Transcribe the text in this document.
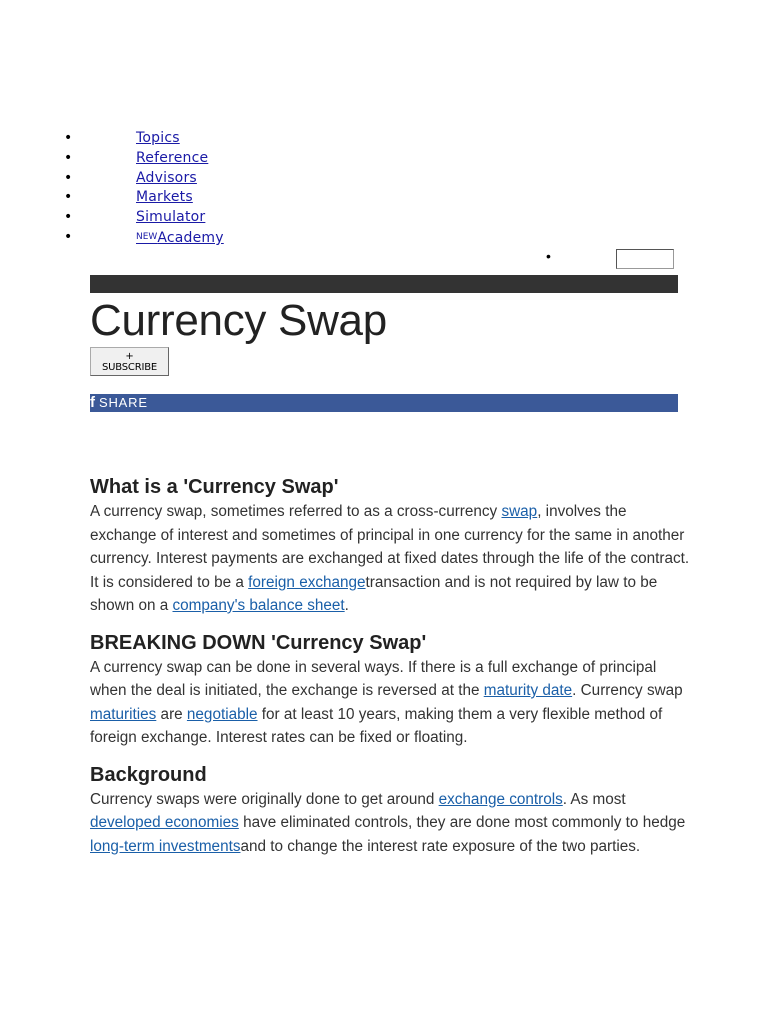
•	Topics
•	Reference
•	Advisors
•	Markets
•	Simulator
•	$^{NEW}$Academy
•
Currency Swap
+ SUBSCRIBE
f SHARE
What is a 'Currency Swap'

A currency swap, sometimes referred to as a cross-currency swap, involves the exchange of interest and sometimes of principal in one currency for the same in another currency. Interest payments are exchanged at fixed dates through the life of the contract. It is considered to be a foreign exchangetransaction and is not required by law to be shown on a company's balance sheet.

BREAKING DOWN 'Currency Swap'

A currency swap can be done in several ways. If there is a full exchange of principal when the deal is initiated, the exchange is reversed at the maturity date. Currency swap maturities are negotiable for at least 10 years, making them a very flexible method of foreign exchange. Interest rates can be fixed or floating.

Background

Currency swaps were originally done to get around exchange controls. As most developed economies have eliminated controls, they are done most commonly to hedge long-term investmentsand to change the interest rate exposure of the two parties.
